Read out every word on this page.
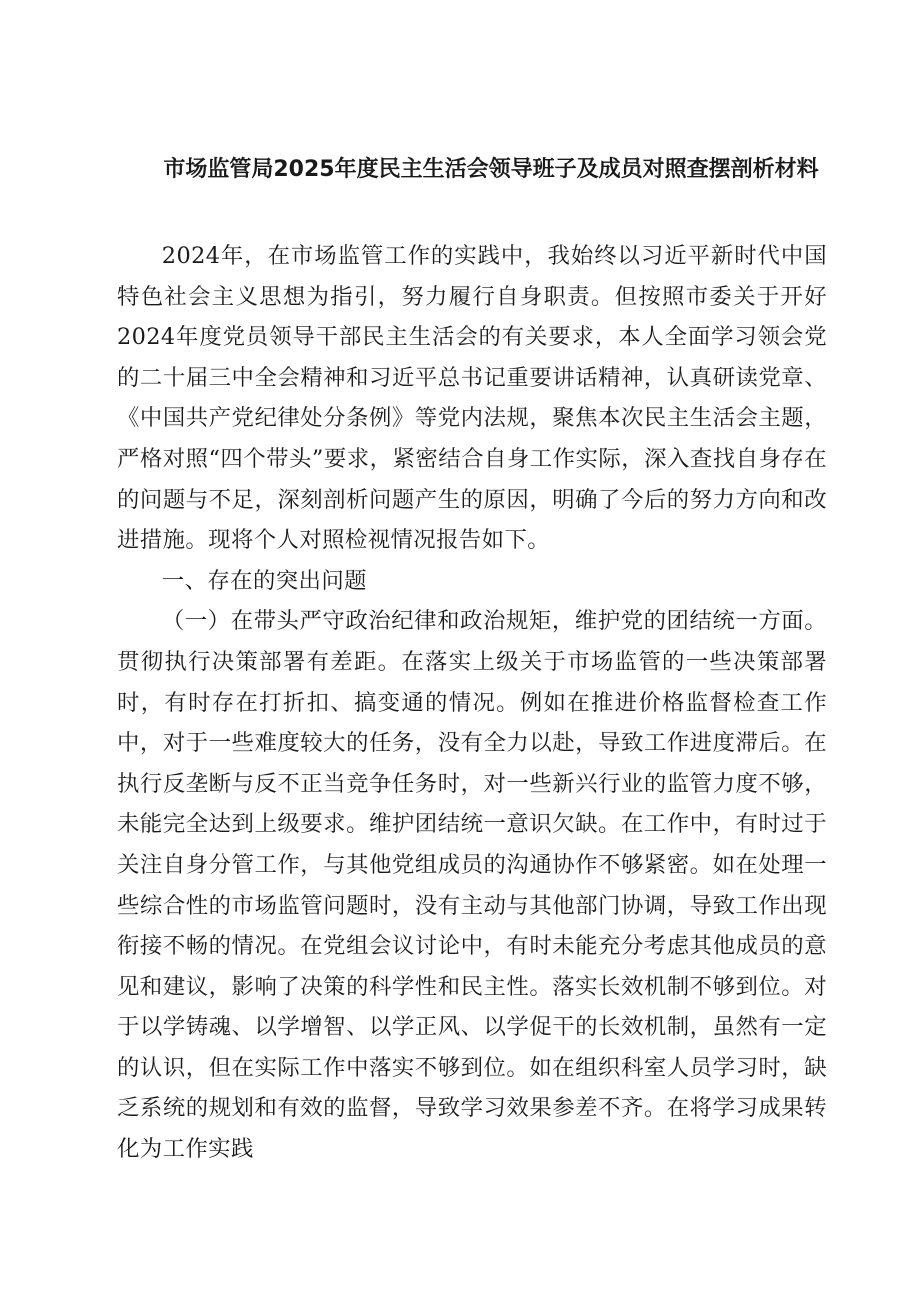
市场监管局2025年度民主生活会领导班子及成员对照查摆剖析材料

2024年，在市场监管工作的实践中，我始终以习近平新时代中国特色社会主义思想为指引，努力履行自身职责。但按照市委关于开好2024年度党员领导干部民主生活会的有关要求，本人全面学习领会党的二十届三中全会精神和习近平总书记重要讲话精神，认真研读党章、《中国共产党纪律处分条例》等党内法规，聚焦本次民主生活会主题，严格对照“四个带头”要求，紧密结合自身工作实际，深入查找自身存在的问题与不足，深刻剖析问题产生的原因，明确了今后的努力方向和改进措施。现将个人对照检视情况报告如下。

一、存在的突出问题

（一）在带头严守政治纪律和政治规矩，维护党的团结统一方面。贯彻执行决策部署有差距。在落实上级关于市场监管的一些决策部署时，有时存在打折扣、搞变通的情况。例如在推进价格监督检查工作中，对于一些难度较大的任务，没有全力以赴，导致工作进度滞后。在执行反垄断与反不正当竞争任务时，对一些新兴行业的监管力度不够，未能完全达到上级要求。维护团结统一意识欠缺。在工作中，有时过于关注自身分管工作，与其他党组成员的沟通协作不够紧密。如在处理一些综合性的市场监管问题时，没有主动与其他部门协调，导致工作出现衔接不畅的情况。在党组会议讨论中，有时未能充分考虑其他成员的意见和建议，影响了决策的科学性和民主性。落实长效机制不够到位。对于以学铸魂、以学增智、以学正风、以学促干的长效机制，虽然有一定的认识，但在实际工作中落实不够到位。如在组织科室人员学习时，缺乏系统的规划和有效的监督，导致学习效果参差不齐。在将学习成果转化为工作实践
